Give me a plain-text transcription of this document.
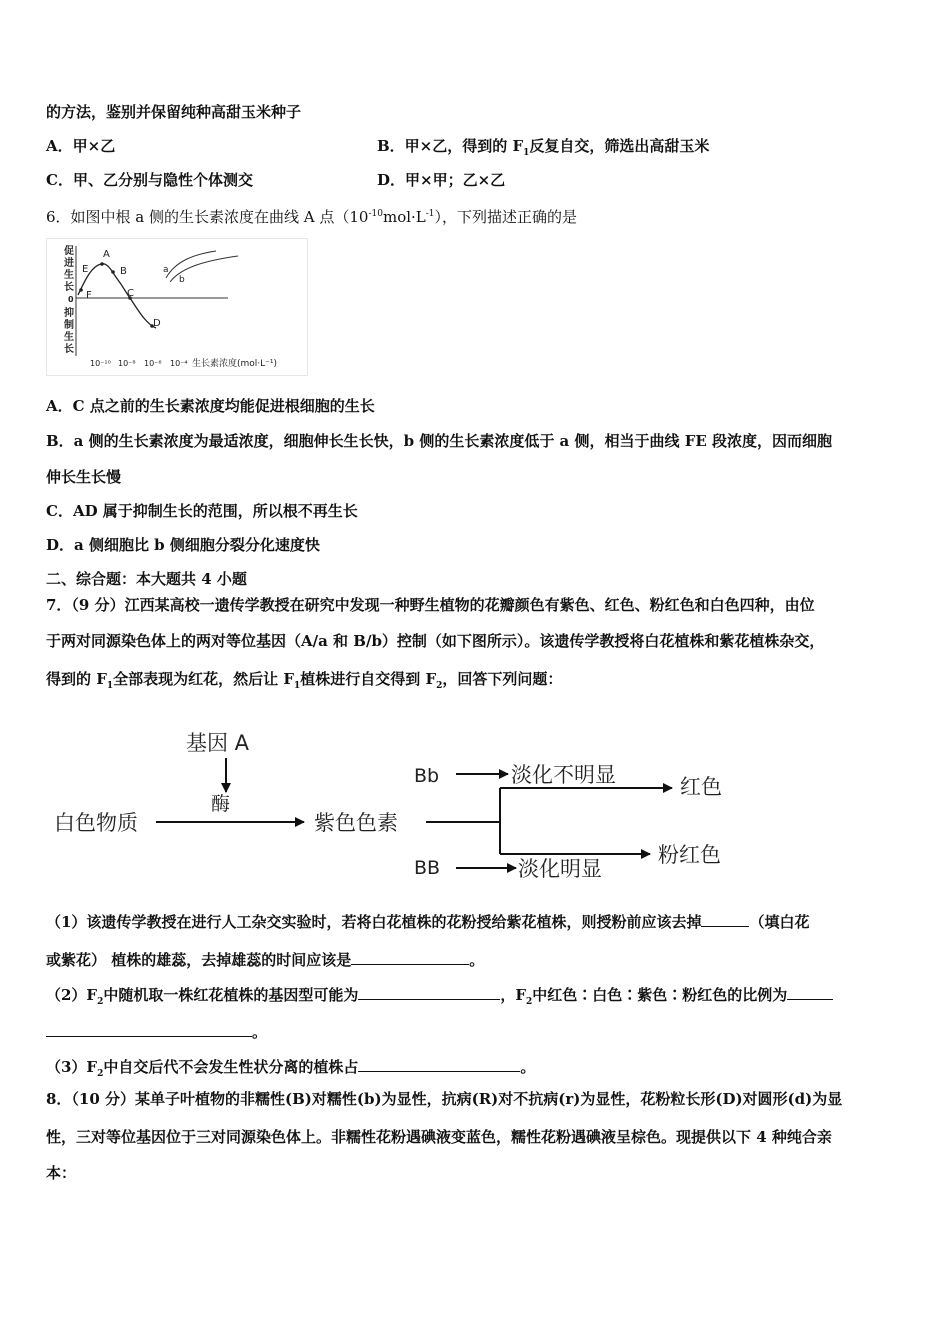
的方法，鉴别并保留纯种高甜玉米种子
A．甲×乙	B．甲×乙，得到的 $F_1$反复自交，筛选出高甜玉米
C．甲、乙分别与隐性个体测交	D．甲×甲；乙×乙
6．如图中根 a 侧的生长素浓度在曲线 A 点$(10^{-10}mol\cdot L^{-1})$，下列描述正确的是
促
进
生
长
0
抑
制
生
长
E
A
B
F	C
D
a
b
10⁻¹⁰ 10⁻⁸ 10⁻⁶ 10⁻⁴ 生长素浓度(mol·L⁻¹)
A．C 点之前的生长素浓度均能促进根细胞的生长
B．a 侧的生长素浓度为最适浓度，细胞伸长生长快，b 侧的生长素浓度低于 a 侧，相当于曲线 FE 段浓度，因而细胞
伸长生长慢
C．AD 属于抑制生长的范围，所以根不再生长
D．a 侧细胞比 b 侧细胞分裂分化速度快
二、综合题：本大题共 4 小题
7．（9 分）江西某高校一遗传学教授在研究中发现一种野生植物的花瓣颜色有紫色、红色、粉红色和白色四种，由位
于两对同源染色体上的两对等位基因（A/a 和 B/b）控制（如下图所示）。该遗传学教授将白花植株和紫花植株杂交，
得到的 $F_1$全部表现为红花，然后让 $F_1$植株进行自交得到 $F_2$，回答下列问题：
基因 A
酶
白色物质	紫色色素
Bb
BB
淡化不明显
淡化明显
红色
粉红色
（1）该遗传学教授在进行人工杂交实验时，若将白花植株的花粉授给紫花植株，则授粉前应该去掉	（填白花
或紫花） 植株的雄蕊，去掉雄蕊的时间应该是	。
$(2)F_2$中随机取一株红花植株的基因型可能为	，$F_2$中红色∶白色∶紫色∶粉红色的比例为
。
$(3)F_2$中自交后代不会发生性状分离的植株占	。
8．（10 分）某单子叶植物的非糯性(B)对糯性(b)为显性，抗病(R)对不抗病(r)为显性，花粉粒长形(D)对圆形(d)为显
性，三对等位基因位于三对同源染色体上。非糯性花粉遇碘液变蓝色，糯性花粉遇碘液呈棕色。现提供以下 4 种纯合亲
本：
